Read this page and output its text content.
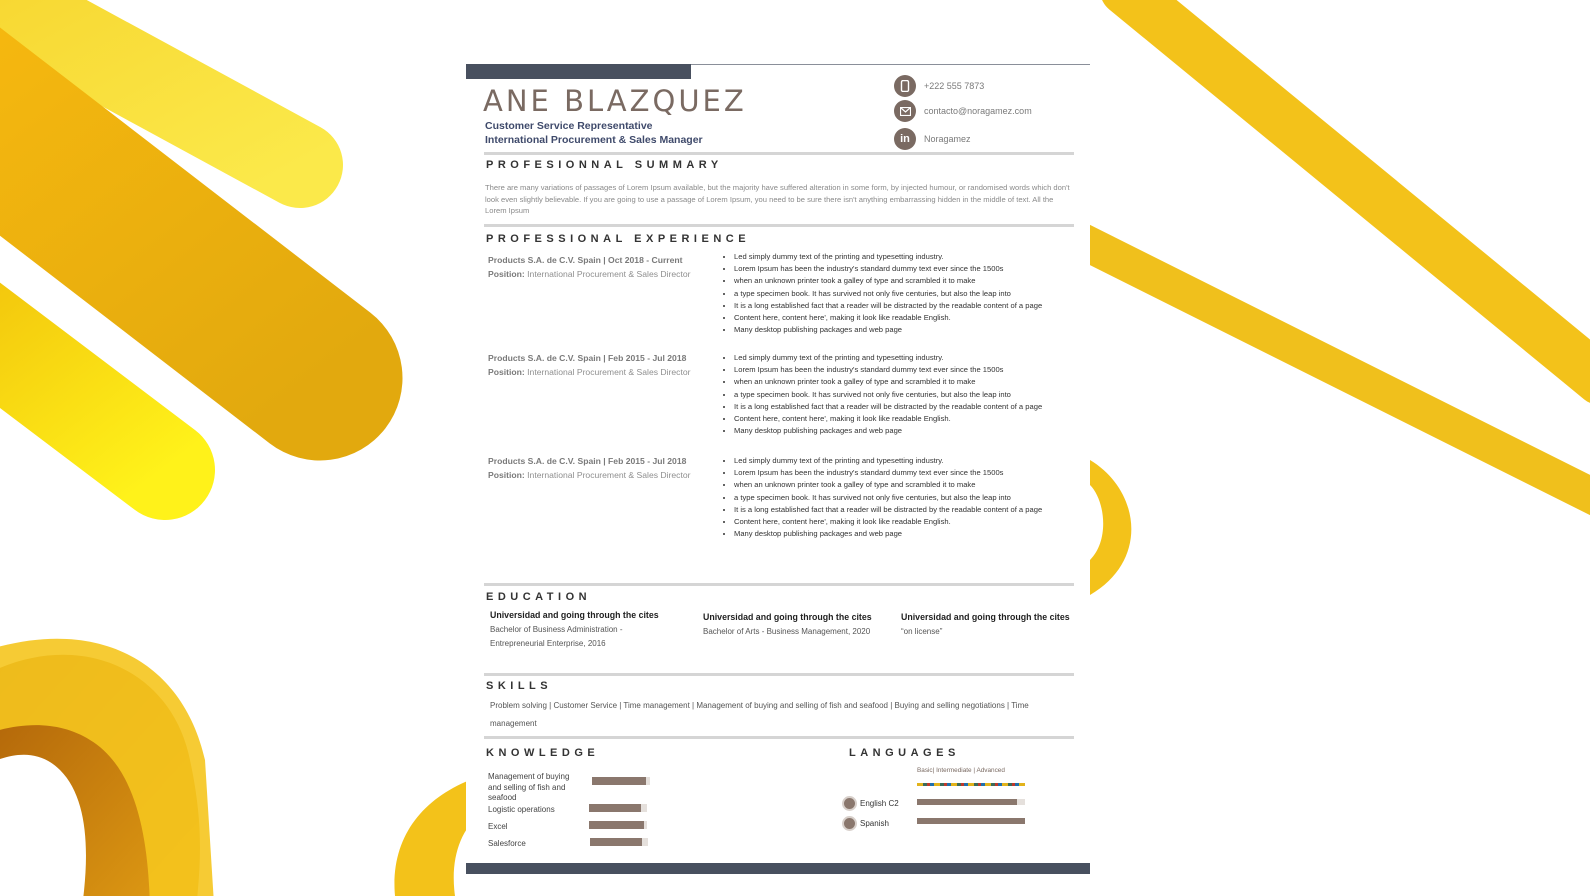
ANE BLAZQUEZ
Customer Service Representative
International Procurement & Sales Manager
+222 555 7873
contacto@noragamez.com
in	Noragamez
PROFESIONNAL SUMMARY
There are many variations of passages of Lorem Ipsum available, but the majority have suffered alteration in some form, by injected humour, or randomised words which don't look even slightly believable. If you are going to use a passage of Lorem Ipsum, you need to be sure there isn't anything embarrassing hidden in the middle of text. All the Lorem Ipsum
PROFESSIONAL EXPERIENCE
Products S.A. de C.V. Spain | Oct 2018 - Current
Position: International Procurement & Sales Director
• Led simply dummy text of the printing and typesetting industry.
• Lorem Ipsum has been the industry's standard dummy text ever since the 1500s
• when an unknown printer took a galley of type and scrambled it to make
• a type specimen book. It has survived not only five centuries, but also the leap into
• It is a long established fact that a reader will be distracted by the readable content of a page
• Content here, content here', making it look like readable English.
• Many desktop publishing packages and web page
Products S.A. de C.V. Spain | Feb 2015 - Jul 2018
Position: International Procurement & Sales Director
• Led simply dummy text of the printing and typesetting industry.
• Lorem Ipsum has been the industry's standard dummy text ever since the 1500s
• when an unknown printer took a galley of type and scrambled it to make
• a type specimen book. It has survived not only five centuries, but also the leap into
• It is a long established fact that a reader will be distracted by the readable content of a page
• Content here, content here', making it look like readable English.
• Many desktop publishing packages and web page
Products S.A. de C.V. Spain | Feb 2015 - Jul 2018
Position: International Procurement & Sales Director
• Led simply dummy text of the printing and typesetting industry.
• Lorem Ipsum has been the industry's standard dummy text ever since the 1500s
• when an unknown printer took a galley of type and scrambled it to make
• a type specimen book. It has survived not only five centuries, but also the leap into
• It is a long established fact that a reader will be distracted by the readable content of a page
• Content here, content here', making it look like readable English.
• Many desktop publishing packages and web page
EDUCATION
Universidad and going through the cites
Bachelor of Business Administration -
Entrepreneurial Enterprise, 2016
Universidad and going through the cites
Bachelor of Arts - Business Management, 2020
Universidad and going through the cites
“on license”
SKILLS
Problem solving | Customer Service | Time management | Management of buying and selling of fish and seafood | Buying and selling negotiations | Time management
KNOWLEDGE	LANGUAGES
Management of buying and selling of fish and seafood
Logistic operations
Excel
Salesforce
Basic| Intermediate | Advanced
English C2
Spanish
